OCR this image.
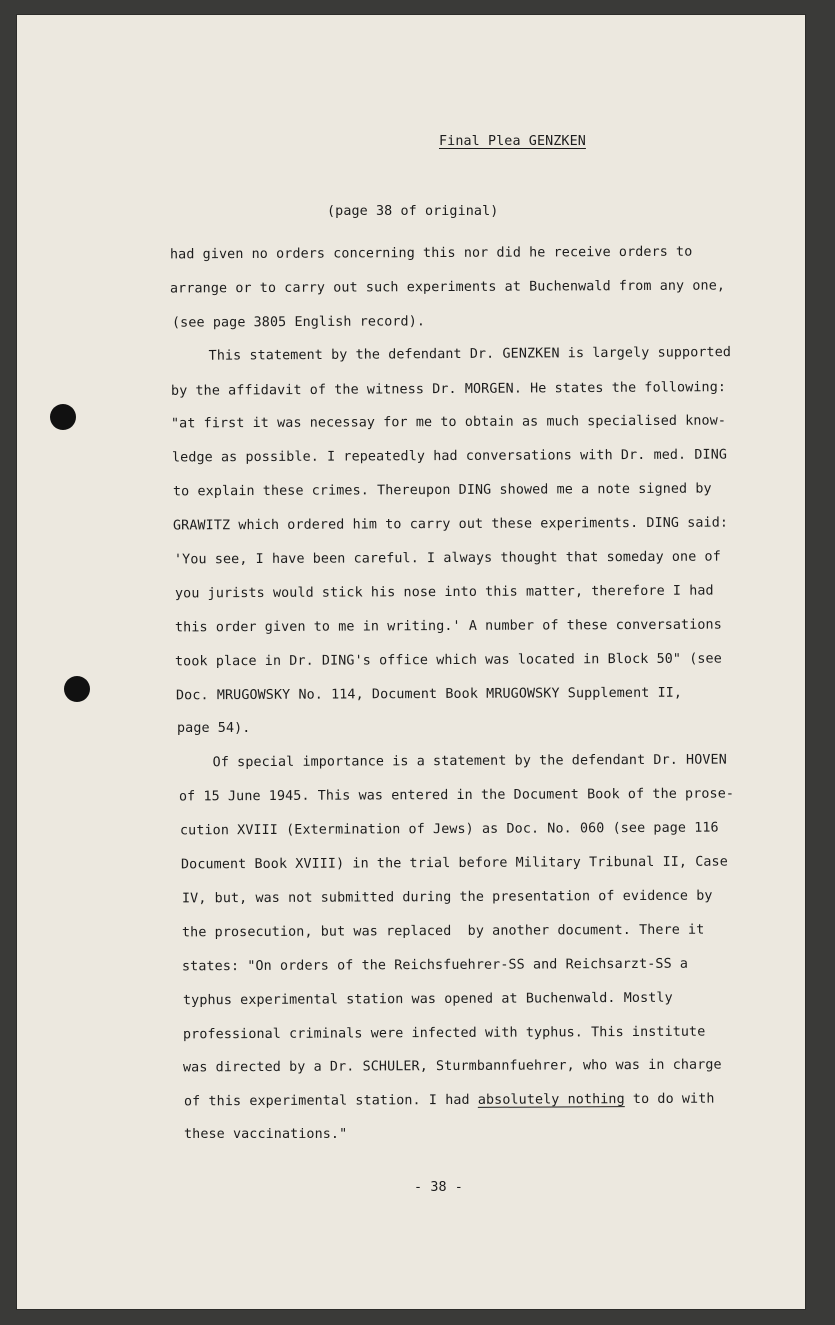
Final Plea GENZKEN
(page 38 of original)
had given no orders concerning this nor did he receive orders to
arrange or to carry out such experiments at Buchenwald from any one,
(see page 3805 English record).
This statement by the defendant Dr. GENZKEN is largely supported
by the affidavit of the witness Dr. MORGEN. He states the following:
"at first it was necessay for me to obtain as much specialised know-
ledge as possible. I repeatedly had conversations with Dr. med. DING
to explain these crimes. Thereupon DING showed me a note signed by
GRAWITZ which ordered him to carry out these experiments. DING said:
'You see, I have been careful. I always thought that someday one of
you jurists would stick his nose into this matter, therefore I had
this order given to me in writing.' A number of these conversations
took place in Dr. DING's office which was located in Block 50" (see
Doc. MRUGOWSKY No. 114, Document Book MRUGOWSKY Supplement II,
page 54).
Of special importance is a statement by the defendant Dr. HOVEN
of 15 June 1945. This was entered in the Document Book of the prose-
cution XVIII (Extermination of Jews) as Doc. No. 060 (see page 116
Document Book XVIII) in the trial before Military Tribunal II, Case
IV, but, was not submitted during the presentation of evidence by
the prosecution, but was replaced  by another document. There it
states: "On orders of the Reichsfuehrer-SS and Reichsarzt-SS a
typhus experimental station was opened at Buchenwald. Mostly
professional criminals were infected with typhus. This institute
was directed by a Dr. SCHULER, Sturmbannfuehrer, who was in charge
of this experimental station. I had absolutely nothing to do with
these vaccinations."
- 38 -
